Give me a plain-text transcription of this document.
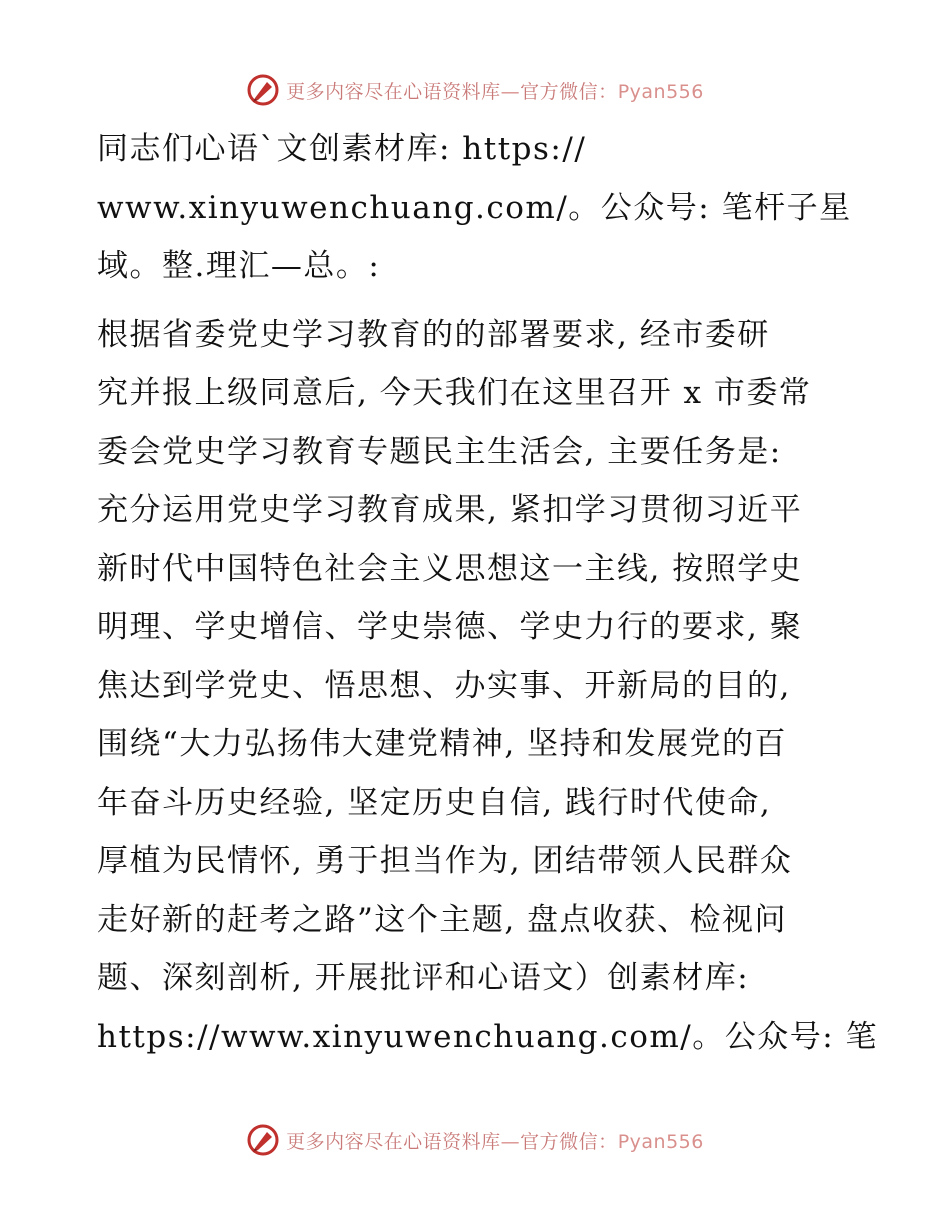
更多内容尽在心语资料库—官方微信：Pyan556

同志们心语`文创素材库: https://
www.xinyuwenchuang.com/。公众号: 笔杆子星
域。整.理汇—总。:

根据省委党史学习教育的的部署要求, 经市委研
究并报上级同意后, 今天我们在这里召开 x 市委常
委会党史学习教育专题民主生活会, 主要任务是:
充分运用党史学习教育成果, 紧扣学习贯彻习近平
新时代中国特色社会主义思想这一主线, 按照学史
明理、学史增信、学史崇德、学史力行的要求, 聚
焦达到学党史、悟思想、办实事、开新局的目的,
围绕“大力弘扬伟大建党精神, 坚持和发展党的百
年奋斗历史经验, 坚定历史自信, 践行时代使命,
厚植为民情怀, 勇于担当作为, 团结带领人民群众
走好新的赶考之路”这个主题, 盘点收获、检视问
题、深刻剖析, 开展批评和心语文）创素材库:
https://www.xinyuwenchuang.com/。公众号: 笔

更多内容尽在心语资料库—官方微信：Pyan556
